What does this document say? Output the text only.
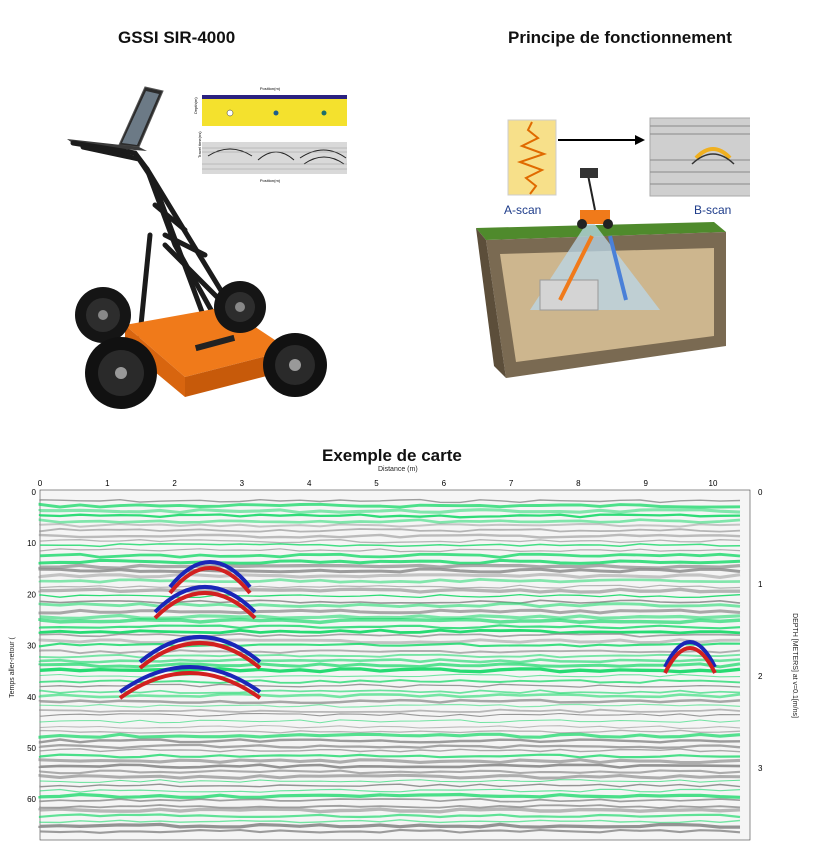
GSSI SIR-4000	Principe de fonctionnement
Exemple de carte
Position(m)
Depth(m)
Travel time(ns)
Position(m)
A-scan	B-scan
Distance (m)
0	1	2	3	4	5	6	7	8	9	10
0
10
20
30
40
50
60
0
1
2
3
Temps aller-retour (	DEPTH [METERS] at v=0.1[m/ns]
